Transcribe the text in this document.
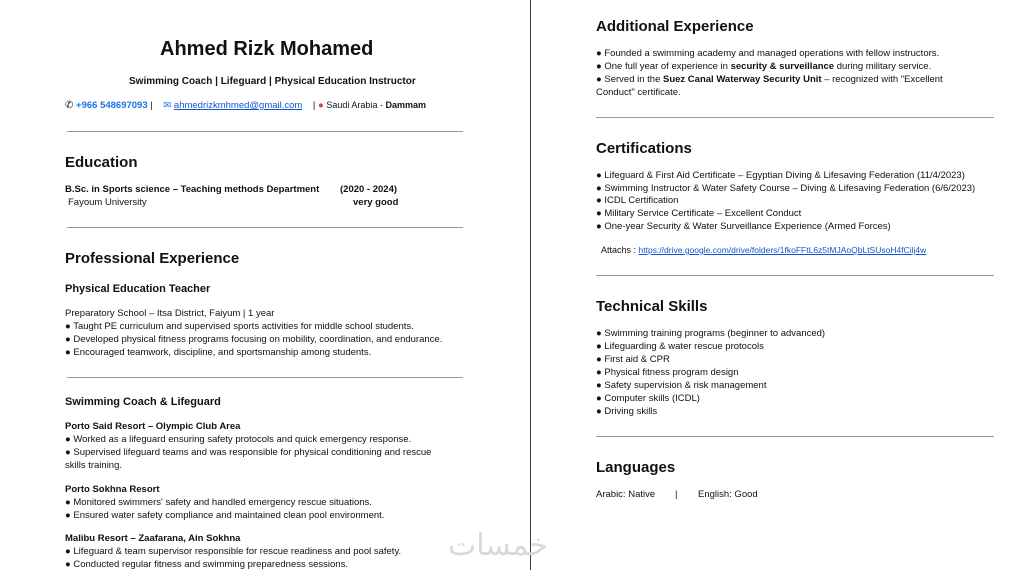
Ahmed Rizk Mohamed
Swimming Coach | Lifeguard | Physical Education Instructor
✆ +966 548697093 | ✉ ahmedrizkmhmed@gmail.com | ● Saudi Arabia - Dammam
Education
B.Sc. in Sports science – Teaching methods Department (2020 - 2024)
Fayoum University	very good
Professional Experience
Physical Education Teacher
Preparatory School – Itsa District, Faiyum | 1 year
● Taught PE curriculum and supervised sports activities for middle school students.
● Developed physical fitness programs focusing on mobility, coordination, and endurance.
● Encouraged teamwork, discipline, and sportsmanship among students.
Swimming Coach & Lifeguard
Porto Said Resort – Olympic Club Area
● Worked as a lifeguard ensuring safety protocols and quick emergency response.
● Supervised lifeguard teams and was responsible for physical conditioning and rescue
skills training.
Porto Sokhna Resort
● Monitored swimmers' safety and handled emergency rescue situations.
● Ensured water safety compliance and maintained clean pool environment.
Malibu Resort – Zaafarana, Ain Sokhna
● Lifeguard & team supervisor responsible for rescue readiness and pool safety.
● Conducted regular fitness and swimming preparedness sessions.
Additional Experience
● Founded a swimming academy and managed operations with fellow instructors.
● One full year of experience in security & surveillance during military service.
● Served in the Suez Canal Waterway Security Unit – recognized with "Excellent
Conduct" certificate.
Certifications
● Lifeguard & First Aid Certificate – Egyptian Diving & Lifesaving Federation (11/4/2023)
● Swimming Instructor & Water Safety Course – Diving & Lifesaving Federation (6/6/2023)
● ICDL Certification
● Military Service Certificate – Excellent Conduct
● One-year Security & Water Surveillance Experience (Armed Forces)
Attachs : https://drive.google.com/drive/folders/1fkoFFtL6z5tMJAoQbLtSUsoH4fCilj4w
Technical Skills
● Swimming training programs (beginner to advanced)
● Lifeguarding & water rescue protocols
● First aid & CPR
● Physical fitness program design
● Safety supervision & risk management
● Computer skills (ICDL)
● Driving skills
Languages
Arabic: Native | English: Good
خمسات
